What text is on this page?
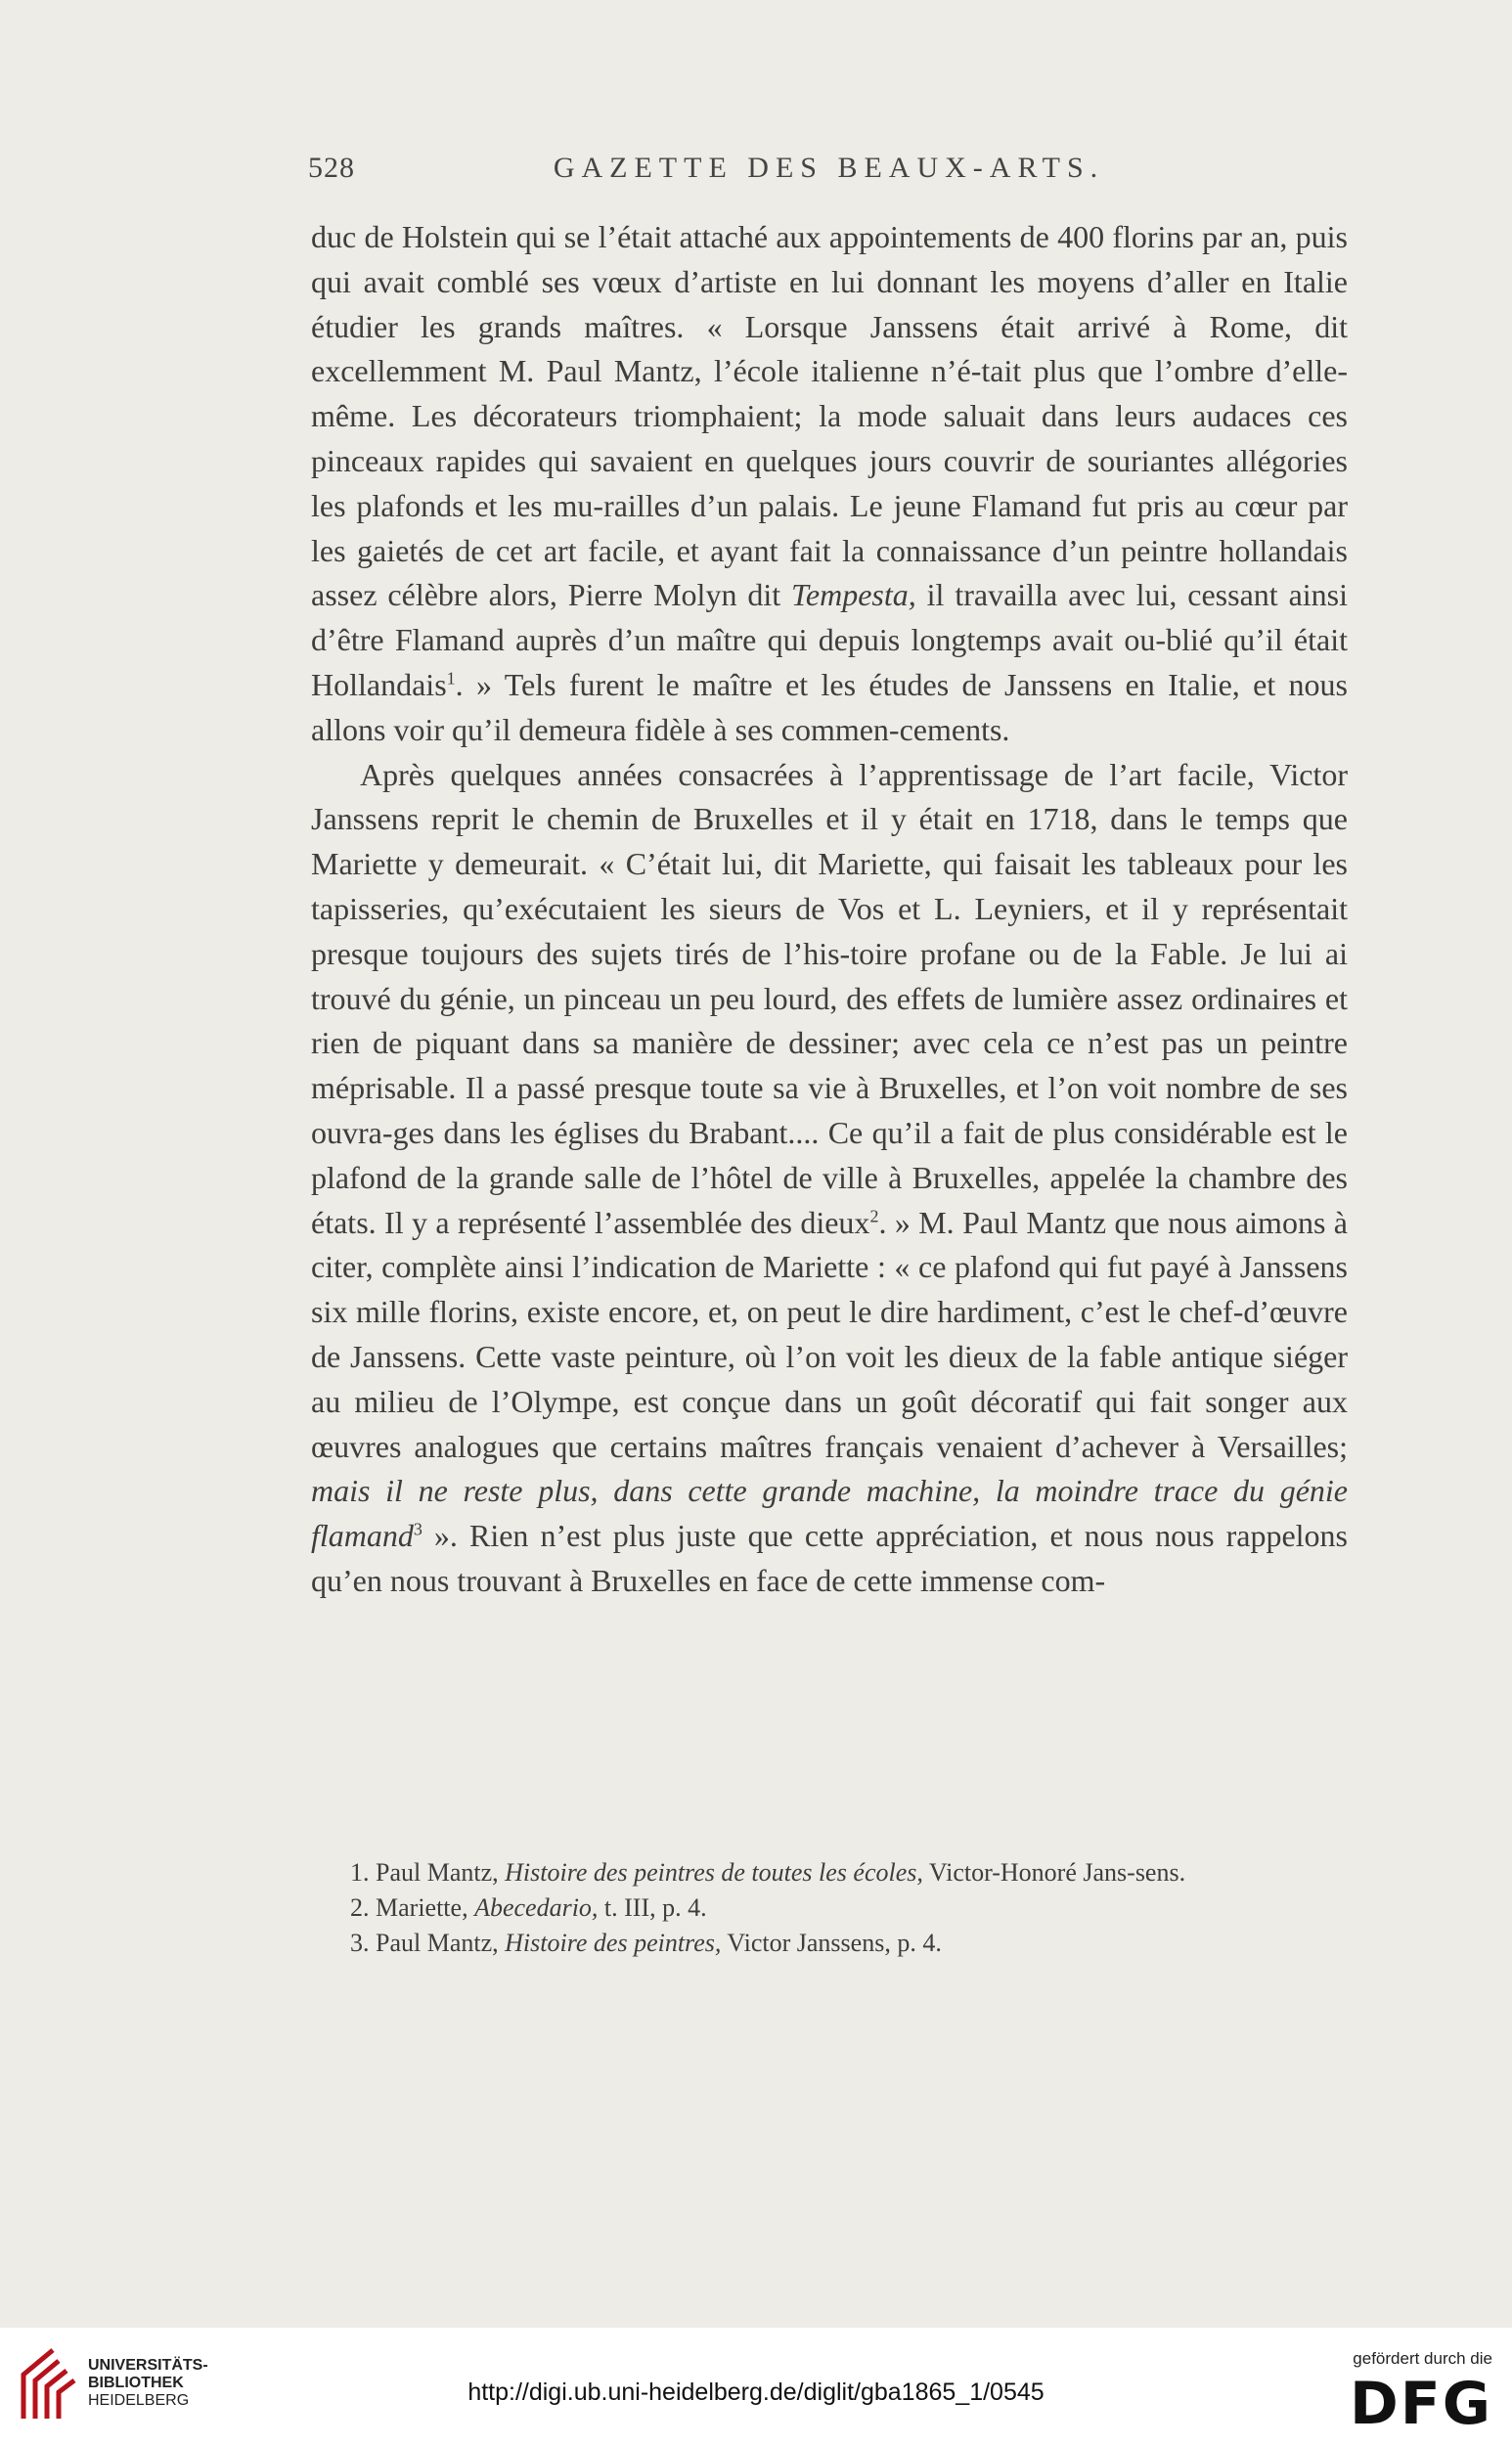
528	GAZETTE DES BEAUX-ARTS.

duc de Holstein qui se l’était attaché aux appointements de 400 florins par an, puis qui avait comblé ses vœux d’artiste en lui donnant les moyens d’aller en Italie étudier les grands maîtres. « Lorsque Janssens était arrivé à Rome, dit excellemment M. Paul Mantz, l’école italienne n’é-tait plus que l’ombre d’elle-même. Les décorateurs triomphaient; la mode saluait dans leurs audaces ces pinceaux rapides qui savaient en quelques jours couvrir de souriantes allégories les plafonds et les mu-railles d’un palais. Le jeune Flamand fut pris au cœur par les gaietés de cet art facile, et ayant fait la connaissance d’un peintre hollandais assez célèbre alors, Pierre Molyn dit Tempesta, il travailla avec lui, cessant ainsi d’être Flamand auprès d’un maître qui depuis longtemps avait ou-blié qu’il était Hollandais$^1$. » Tels furent le maître et les études de Janssens en Italie, et nous allons voir qu’il demeura fidèle à ses commen-cements.

Après quelques années consacrées à l’apprentissage de l’art facile, Victor Janssens reprit le chemin de Bruxelles et il y était en 1718, dans le temps que Mariette y demeurait. « C’était lui, dit Mariette, qui faisait les tableaux pour les tapisseries, qu’exécutaient les sieurs de Vos et L. Leyniers, et il y représentait presque toujours des sujets tirés de l’his-toire profane ou de la Fable. Je lui ai trouvé du génie, un pinceau un peu lourd, des effets de lumière assez ordinaires et rien de piquant dans sa manière de dessiner; avec cela ce n’est pas un peintre méprisable. Il a passé presque toute sa vie à Bruxelles, et l’on voit nombre de ses ouvra-ges dans les églises du Brabant.... Ce qu’il a fait de plus considérable est le plafond de la grande salle de l’hôtel de ville à Bruxelles, appelée la chambre des états. Il y a représenté l’assemblée des dieux$^2$. » M. Paul Mantz que nous aimons à citer, complète ainsi l’indication de Mariette : « ce plafond qui fut payé à Janssens six mille florins, existe encore, et, on peut le dire hardiment, c’est le chef-d’œuvre de Janssens. Cette vaste peinture, où l’on voit les dieux de la fable antique siéger au milieu de l’Olympe, est conçue dans un goût décoratif qui fait songer aux œuvres analogues que certains maîtres français venaient d’achever à Versailles; mais il ne reste plus, dans cette grande machine, la moindre trace du génie flamand$^3$ ». Rien n’est plus juste que cette appréciation, et nous nous rappelons qu’en nous trouvant à Bruxelles en face de cette immense com-

1. Paul Mantz, Histoire des peintres de toutes les écoles, Victor-Honoré Jans-sens.

2. Mariette, Abecedario, t. III, p. 4.

3. Paul Mantz, Histoire des peintres, Victor Janssens, p. 4.

UNIVERSITÄTS-
BIBLIOTHEK
HEIDELBERG	http://digi.ub.uni-heidelberg.de/diglit/gba1865_1/0545
gefördert durch die
DFG
